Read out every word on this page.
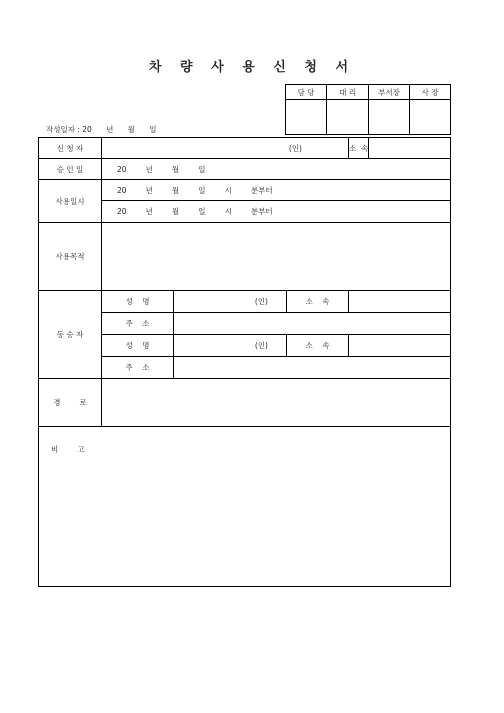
차 량 사 용 신 청 서
담 당	대 리	부서장	사 장

작성일자 : 20      년      월      일
신 청 자	(인)			소  속	
승 인 일	20        년        월        일				
사용일시	20        년        월        일        시        분부터				
	20        년        월        일        시        분부터				
사용목적					
동 승 자	성    명	(인)	소    속		
	주    소				
	성    명	(인)	소    속		
	주    소				
경        로					

비        고
